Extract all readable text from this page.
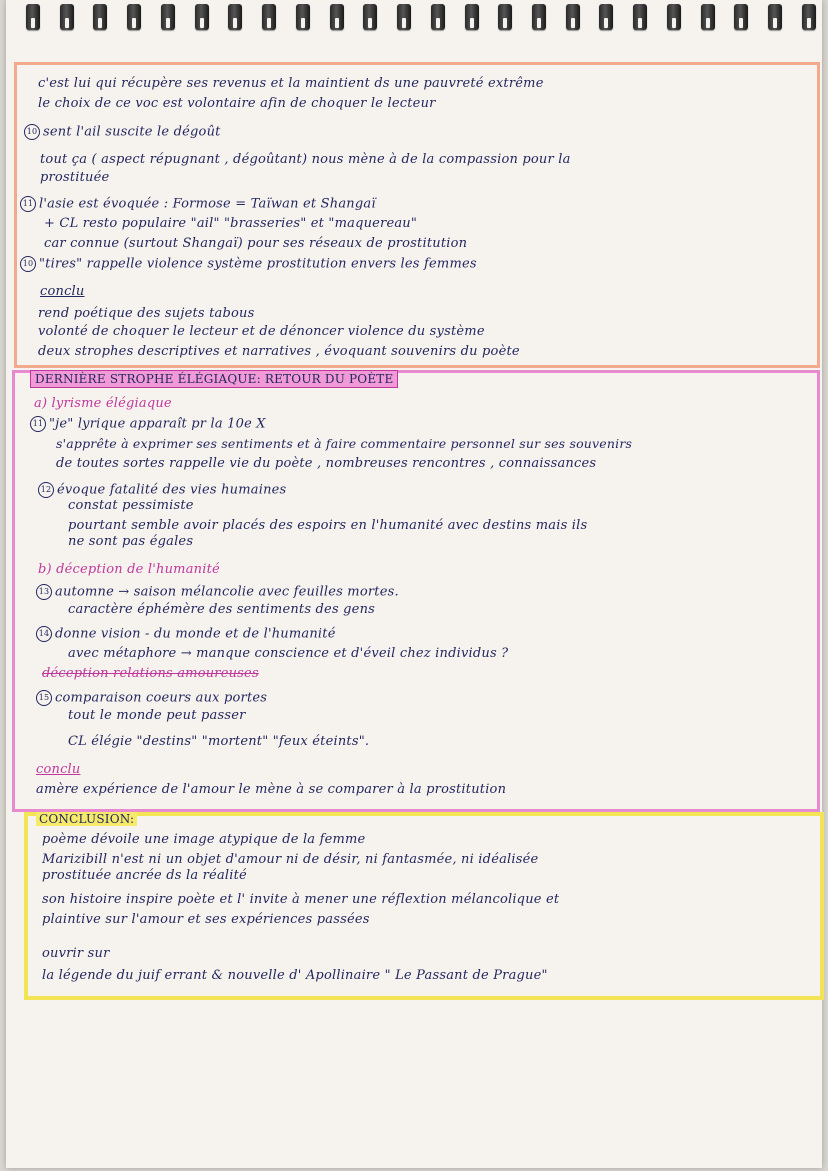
c'est lui qui récupère ses revenus et la maintient ds une pauvreté extrême
le choix de ce voc est volontaire afin de choquer le lecteur
10 sent l'ail suscite le dégoût
tout ça ( aspect répugnant , dégoûtant) nous mène à de la compassion pour la
prostituée
11 l'asie est évoquée : Formose = Taïwan et Shangaï
+ CL resto populaire "ail" "brasseries" et "maquereau"
car connue (surtout Shangaï) pour ses réseaux de prostitution
10 "tires" rappelle violence système prostitution envers les femmes
conclu
rend poétique des sujets tabous
volonté de choquer le lecteur et de dénoncer violence du système
deux strophes descriptives et narratives , évoquant souvenirs du poète
DERNIÈRE STROPHE ÉLÉGIAQUE: RETOUR DU POÈTE
a) lyrisme élégiaque
11 "je" lyrique apparaît pr la 10e X
s'apprête à exprimer ses sentiments et à faire commentaire personnel sur ses souvenirs
de toutes sortes rappelle vie du poète , nombreuses rencontres , connaissances
12 évoque fatalité des vies humaines
constat pessimiste
pourtant semble avoir placés des espoirs en l'humanité avec destins mais ils
ne sont pas égales
b) déception de l'humanité
13 automne → saison mélancolie avec feuilles mortes.
caractère éphémère des sentiments des gens
14 donne vision - du monde et de l'humanité
avec métaphore → manque conscience et d'éveil chez individus ?
déception relations amoureuses
15 comparaison coeurs aux portes
tout le monde peut passer
CL élégie "destins" "mortent" "feux éteints".
conclu
amère expérience de l'amour le mène à se comparer à la prostitution
CONCLUSION:
poème dévoile une image atypique de la femme
Marizibill n'est ni un objet d'amour ni de désir, ni fantasmée, ni idéalisée
prostituée ancrée ds la réalité
son histoire inspire poète et l' invite à mener une réflextion mélancolique et
plaintive sur l'amour et ses expériences passées
ouvrir sur
la légende du juif errant & nouvelle d' Apollinaire " Le Passant de Prague"
